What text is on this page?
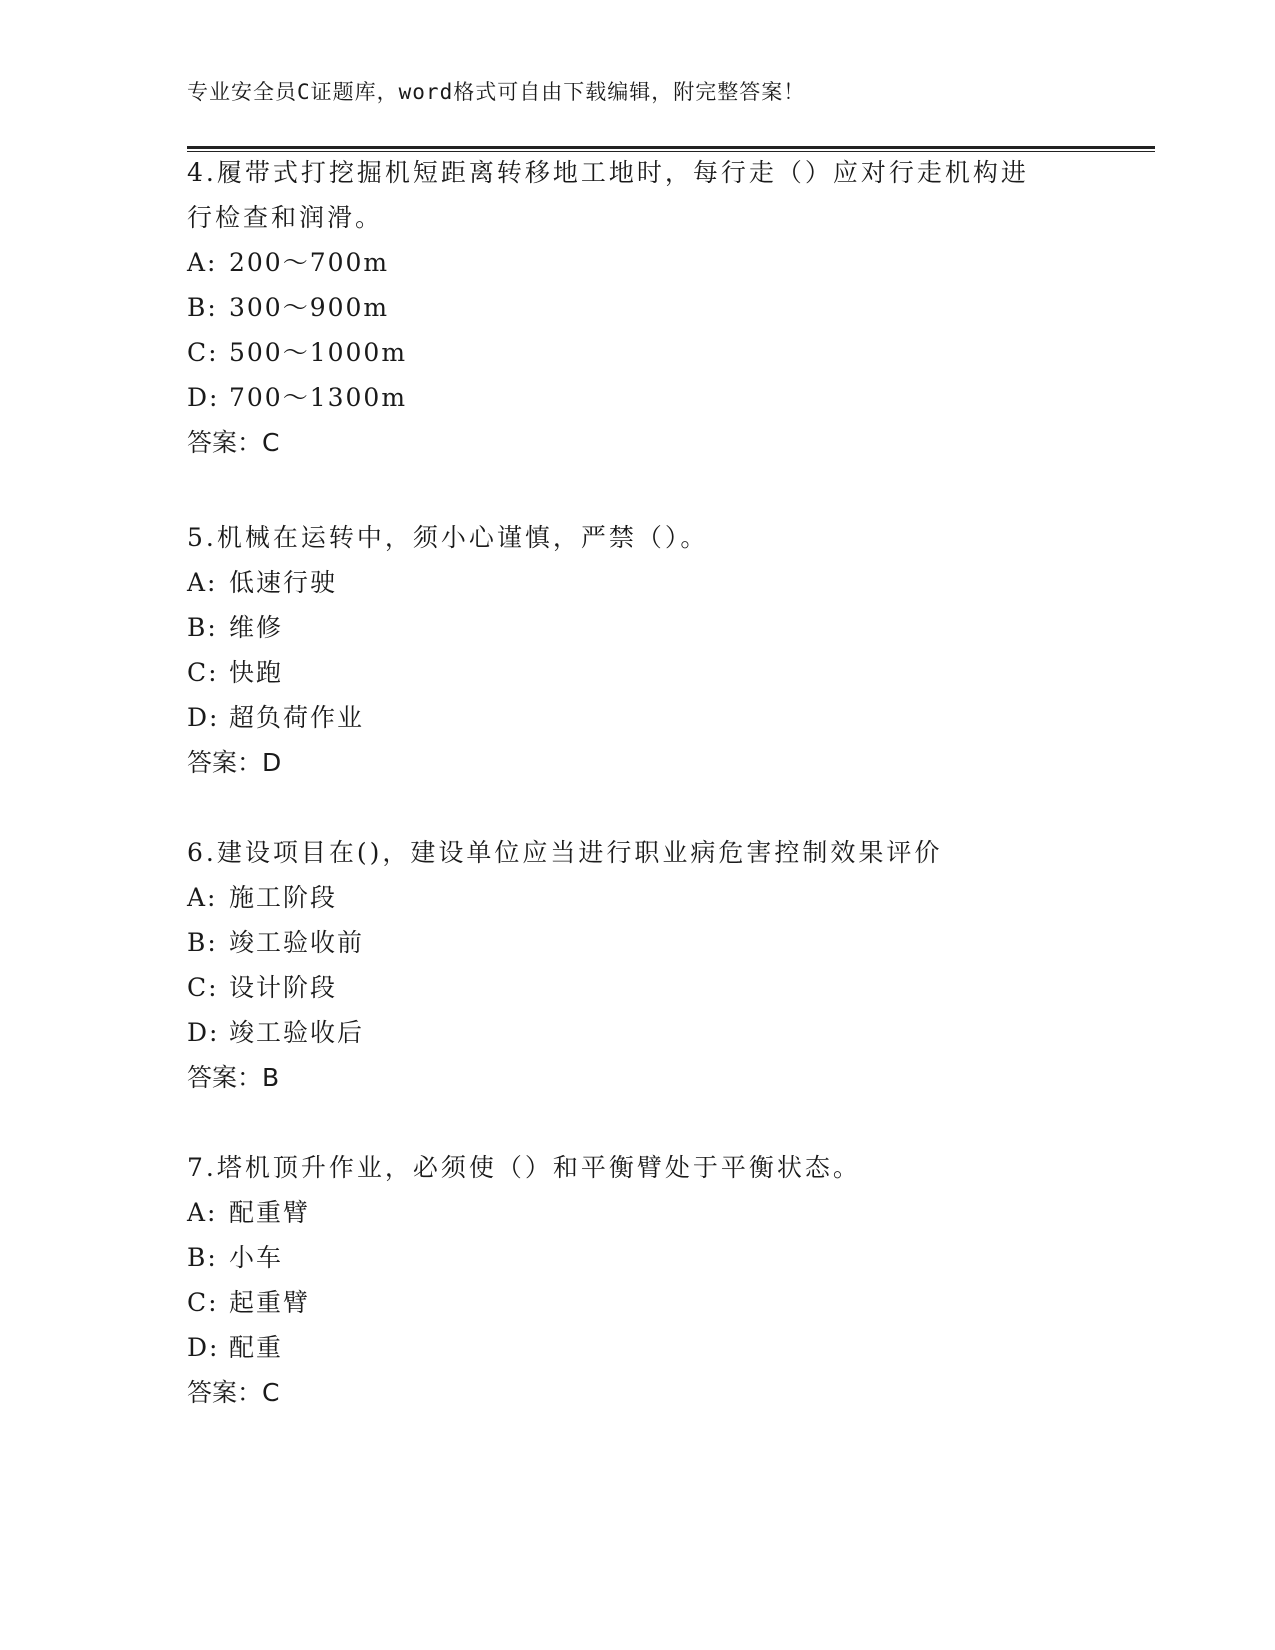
专业安全员C证题库，word格式可自由下载编辑，附完整答案！
4.履带式打挖掘机短距离转移地工地时，每行走（）应对行走机构进
行检查和润滑。
A: 200～700m
B: 300～900m
C: 500～1000m
D: 700～1300m
答案：C
5.机械在运转中，须小心谨慎，严禁（）。
A: 低速行驶
B: 维修
C: 快跑
D: 超负荷作业
答案：D
6.建设项目在()，建设单位应当进行职业病危害控制效果评价
A: 施工阶段
B: 竣工验收前
C: 设计阶段
D: 竣工验收后
答案：B
7.塔机顶升作业，必须使（）和平衡臂处于平衡状态。
A: 配重臂
B: 小车
C: 起重臂
D: 配重
答案：C
